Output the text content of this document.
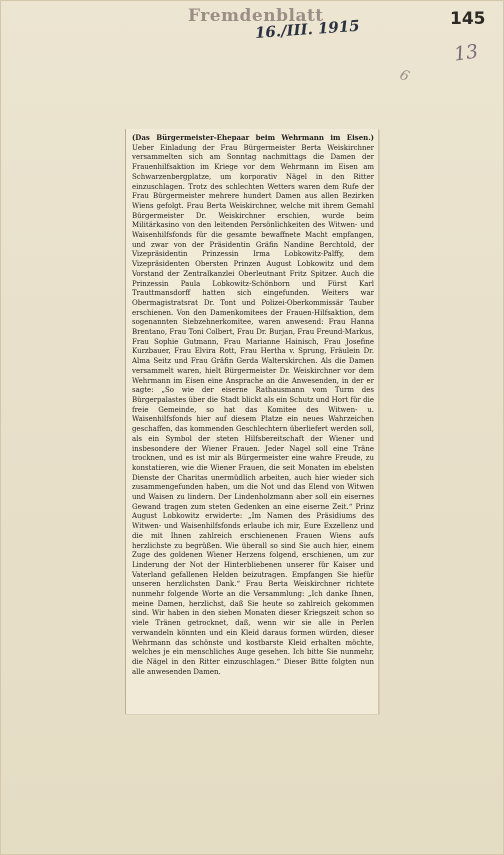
Fremdenblatt	145
16./III. 1915
13
6

(Das Bürgermeister-Ehepaar beim Wehrmann im Eisen.) Ueber Einladung der Frau Bürgermeister Berta Weiskirchner versammelten sich am Sonntag nachmittags die Damen der Frauenhilfsaktion im Kriege vor dem Wehrmann im Eisen am Schwarzenbergplatze, um korporativ Nägel in den Ritter einzuschlagen. Trotz des schlechten Wetters waren dem Rufe der Frau Bürgermeister mehrere hundert Damen aus allen Bezirken Wiens gefolgt. Frau Berta Weiskirchner, welche mit ihrem Gemahl Bürgermeister Dr. Weiskirchner erschien, wurde beim Militärkasino von den leitenden Persönlichkeiten des Witwen- und Waisenhilfsfonds für die gesamte bewaffnete Macht empfangen, und zwar von der Präsidentin Gräfin Nandine Berchtold, der Vizepräsidentin Prinzessin Irma Lobkowitz-Palffy, dem Vizepräsidenten Obersten Prinzen August Lobkowitz und dem Vorstand der Zentralkanzlei Oberleutnant Fritz Spitzer. Auch die Prinzessin Paula Lobkowitz-Schönborn und Fürst Karl Trauttmansdorff hatten sich eingefunden. Weiters war Obermagistratsrat Dr. Tont und Polizei-Oberkommissär Tauber erschienen. Von den Damenkomitees der Frauen-Hilfsaktion, dem sogenannten Siebzehnerkomitee, waren anwesend: Frau Hanna Brentano, Frau Toni Colbert, Frau Dr. Burjan, Frau Freund-Markus, Frau Sophie Gutmann, Frau Marianne Hainisch, Frau Josefine Kurzbauer, Frau Elvira Rott, Frau Hertha v. Sprung, Fräulein Dr. Alma Seitz und Frau Gräfin Gerda Walterskirchen. Als die Damen versammelt waren, hielt Bürgermeister Dr. Weiskirchner vor dem Wehrmann im Eisen eine Ansprache an die Anwesenden, in der er sagte: „So wie der eiserne Rathausmann vom Turm des Bürgerpalastes über die Stadt blickt als ein Schutz und Hort für die freie Gemeinde, so hat das Komitee des Witwen- u. Waisenhilfsfonds hier auf diesem Platze ein neues Wahrzeichen geschaffen, das kommenden Geschlechtern überliefert werden soll, als ein Symbol der steten Hilfsbereitschaft der Wiener und insbesondere der Wiener Frauen. Jeder Nagel soll eine Träne trocknen, und es ist mir als Bürgermeister eine wahre Freude, zu konstatieren, wie die Wiener Frauen, die seit Monaten im ebelsten Dienste der Charitas unermüdlich arbeiten, auch hier wieder sich zusammengefunden haben, um die Not und das Elend von Witwen und Waisen zu lindern. Der Lindenholzmann aber soll ein eisernes Gewand tragen zum steten Gedenken an eine eiserne Zeit.“ Prinz August Lobkowitz erwiderte: „Im Namen des Präsidiums des Witwen- und Waisenhilfsfonds erlaube ich mir, Eure Exzellenz und die mit Ihnen zahlreich erschienenen Frauen Wiens aufs herzlichste zu begrüßen. Wie überall so sind Sie auch hier, einem Zuge des goldenen Wiener Herzens folgend, erschienen, um zur Linderung der Not der Hinterbliebenen unserer für Kaiser und Vaterland gefallenen Helden beizutragen. Empfangen Sie hiefür unseren herzlichsten Dank.“ Frau Berta Weiskirchner richtete nunmehr folgende Worte an die Versammlung: „Ich danke Ihnen, meine Damen, herzlichst, daß Sie heute so zahlreich gekommen sind. Wir haben in den sieben Monaten dieser Kriegszeit schon so viele Tränen getrocknet, daß, wenn wir sie alle in Perlen verwandeln könnten und ein Kleid daraus formen würden, dieser Wehrmann das schönste und kostbarste Kleid erhalten möchte, welches je ein menschliches Auge gesehen. Ich bitte Sie nunmehr, die Nägel in den Ritter einzuschlagen.“ Dieser Bitte folgten nun alle anwesenden Damen.
